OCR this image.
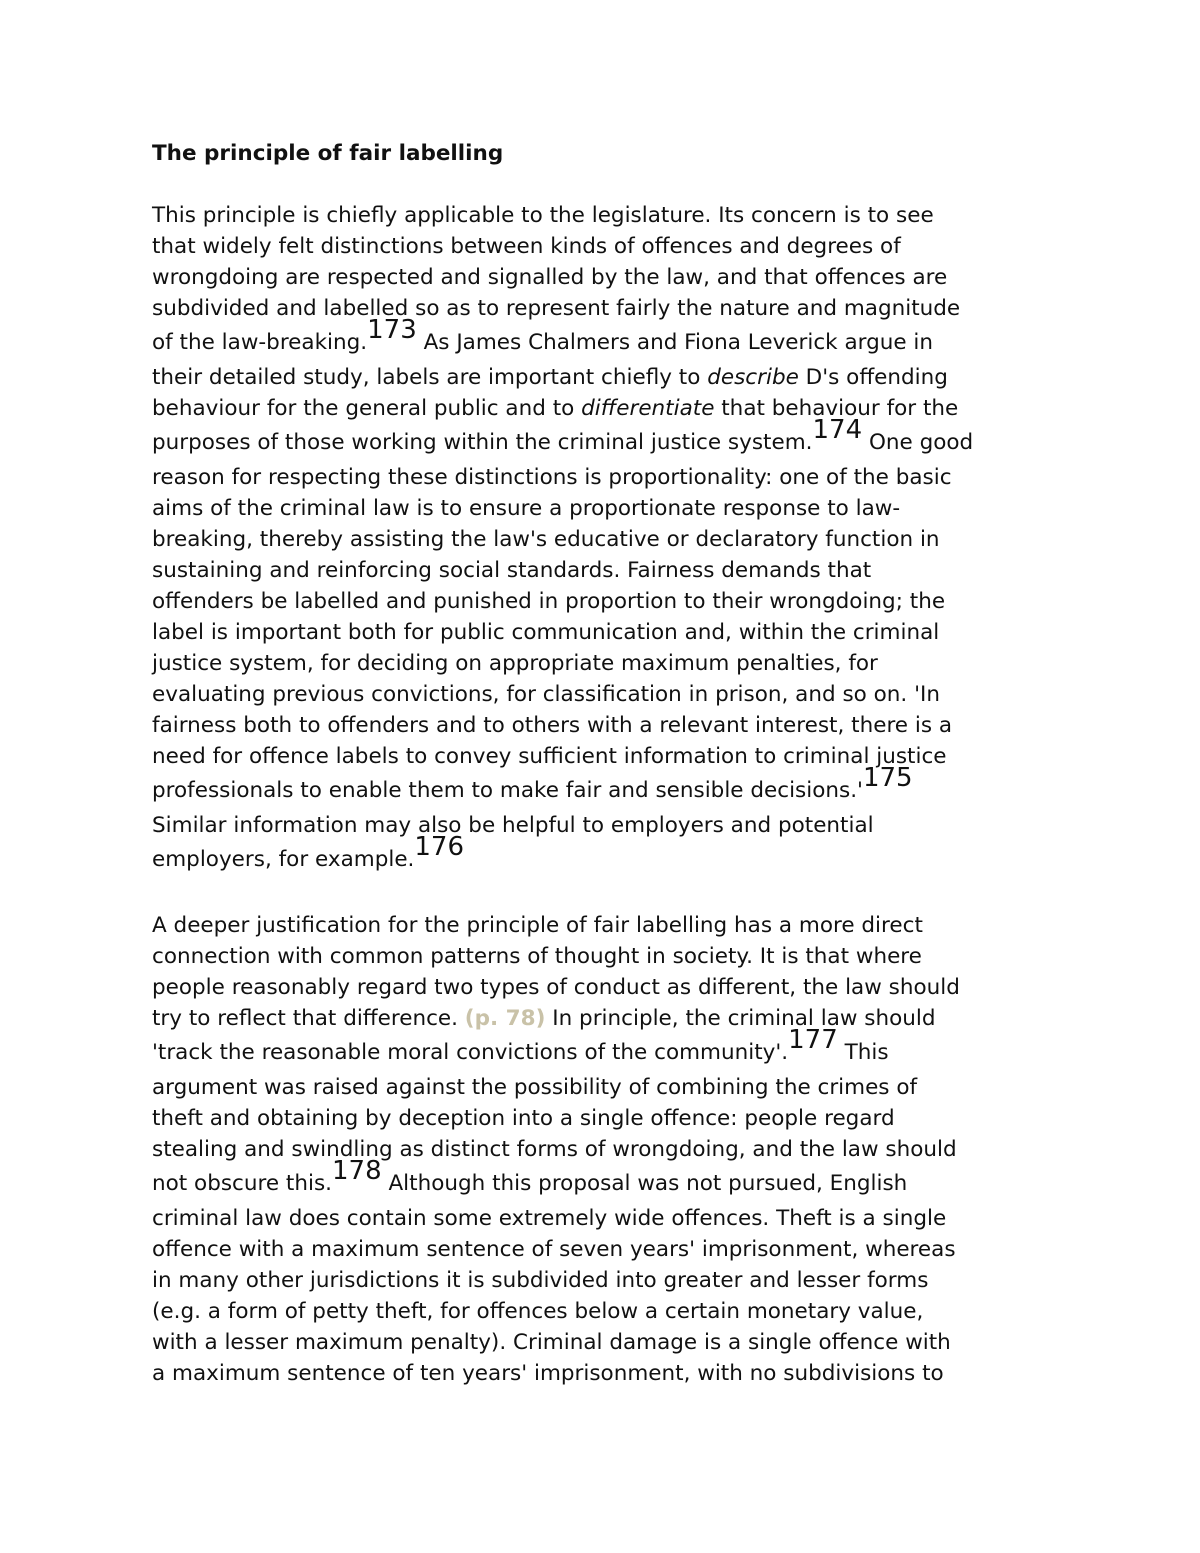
The principle of fair labelling
This principle is chiefly applicable to the legislature. Its concern is to see
that widely felt distinctions between kinds of offences and degrees of
wrongdoing are respected and signalled by the law, and that offences are
subdivided and labelled so as to represent fairly the nature and magnitude
of the law-breaking.$^{173}$ As James Chalmers and Fiona Leverick argue in
their detailed study, labels are important chiefly to describe D's offending
behaviour for the general public and to differentiate that behaviour for the
purposes of those working within the criminal justice system.$^{174}$ One good
reason for respecting these distinctions is proportionality: one of the basic
aims of the criminal law is to ensure a proportionate response to law-
breaking, thereby assisting the law's educative or declaratory function in
sustaining and reinforcing social standards. Fairness demands that
offenders be labelled and punished in proportion to their wrongdoing; the
label is important both for public communication and, within the criminal
justice system, for deciding on appropriate maximum penalties, for
evaluating previous convictions, for classification in prison, and so on. 'In
fairness both to offenders and to others with a relevant interest, there is a
need for offence labels to convey sufficient information to criminal justice
professionals to enable them to make fair and sensible decisions.'$^{175}$
Similar information may also be helpful to employers and potential
employers, for example.$^{176}$
A deeper justification for the principle of fair labelling has a more direct
connection with common patterns of thought in society. It is that where
people reasonably regard two types of conduct as different, the law should
try to reflect that difference. (p. 78) In principle, the criminal law should
'track the reasonable moral convictions of the community'.$^{177}$ This
argument was raised against the possibility of combining the crimes of
theft and obtaining by deception into a single offence: people regard
stealing and swindling as distinct forms of wrongdoing, and the law should
not obscure this.$^{178}$ Although this proposal was not pursued, English
criminal law does contain some extremely wide offences. Theft is a single
offence with a maximum sentence of seven years' imprisonment, whereas
in many other jurisdictions it is subdivided into greater and lesser forms
(e.g. a form of petty theft, for offences below a certain monetary value,
with a lesser maximum penalty). Criminal damage is a single offence with
a maximum sentence of ten years' imprisonment, with no subdivisions to
